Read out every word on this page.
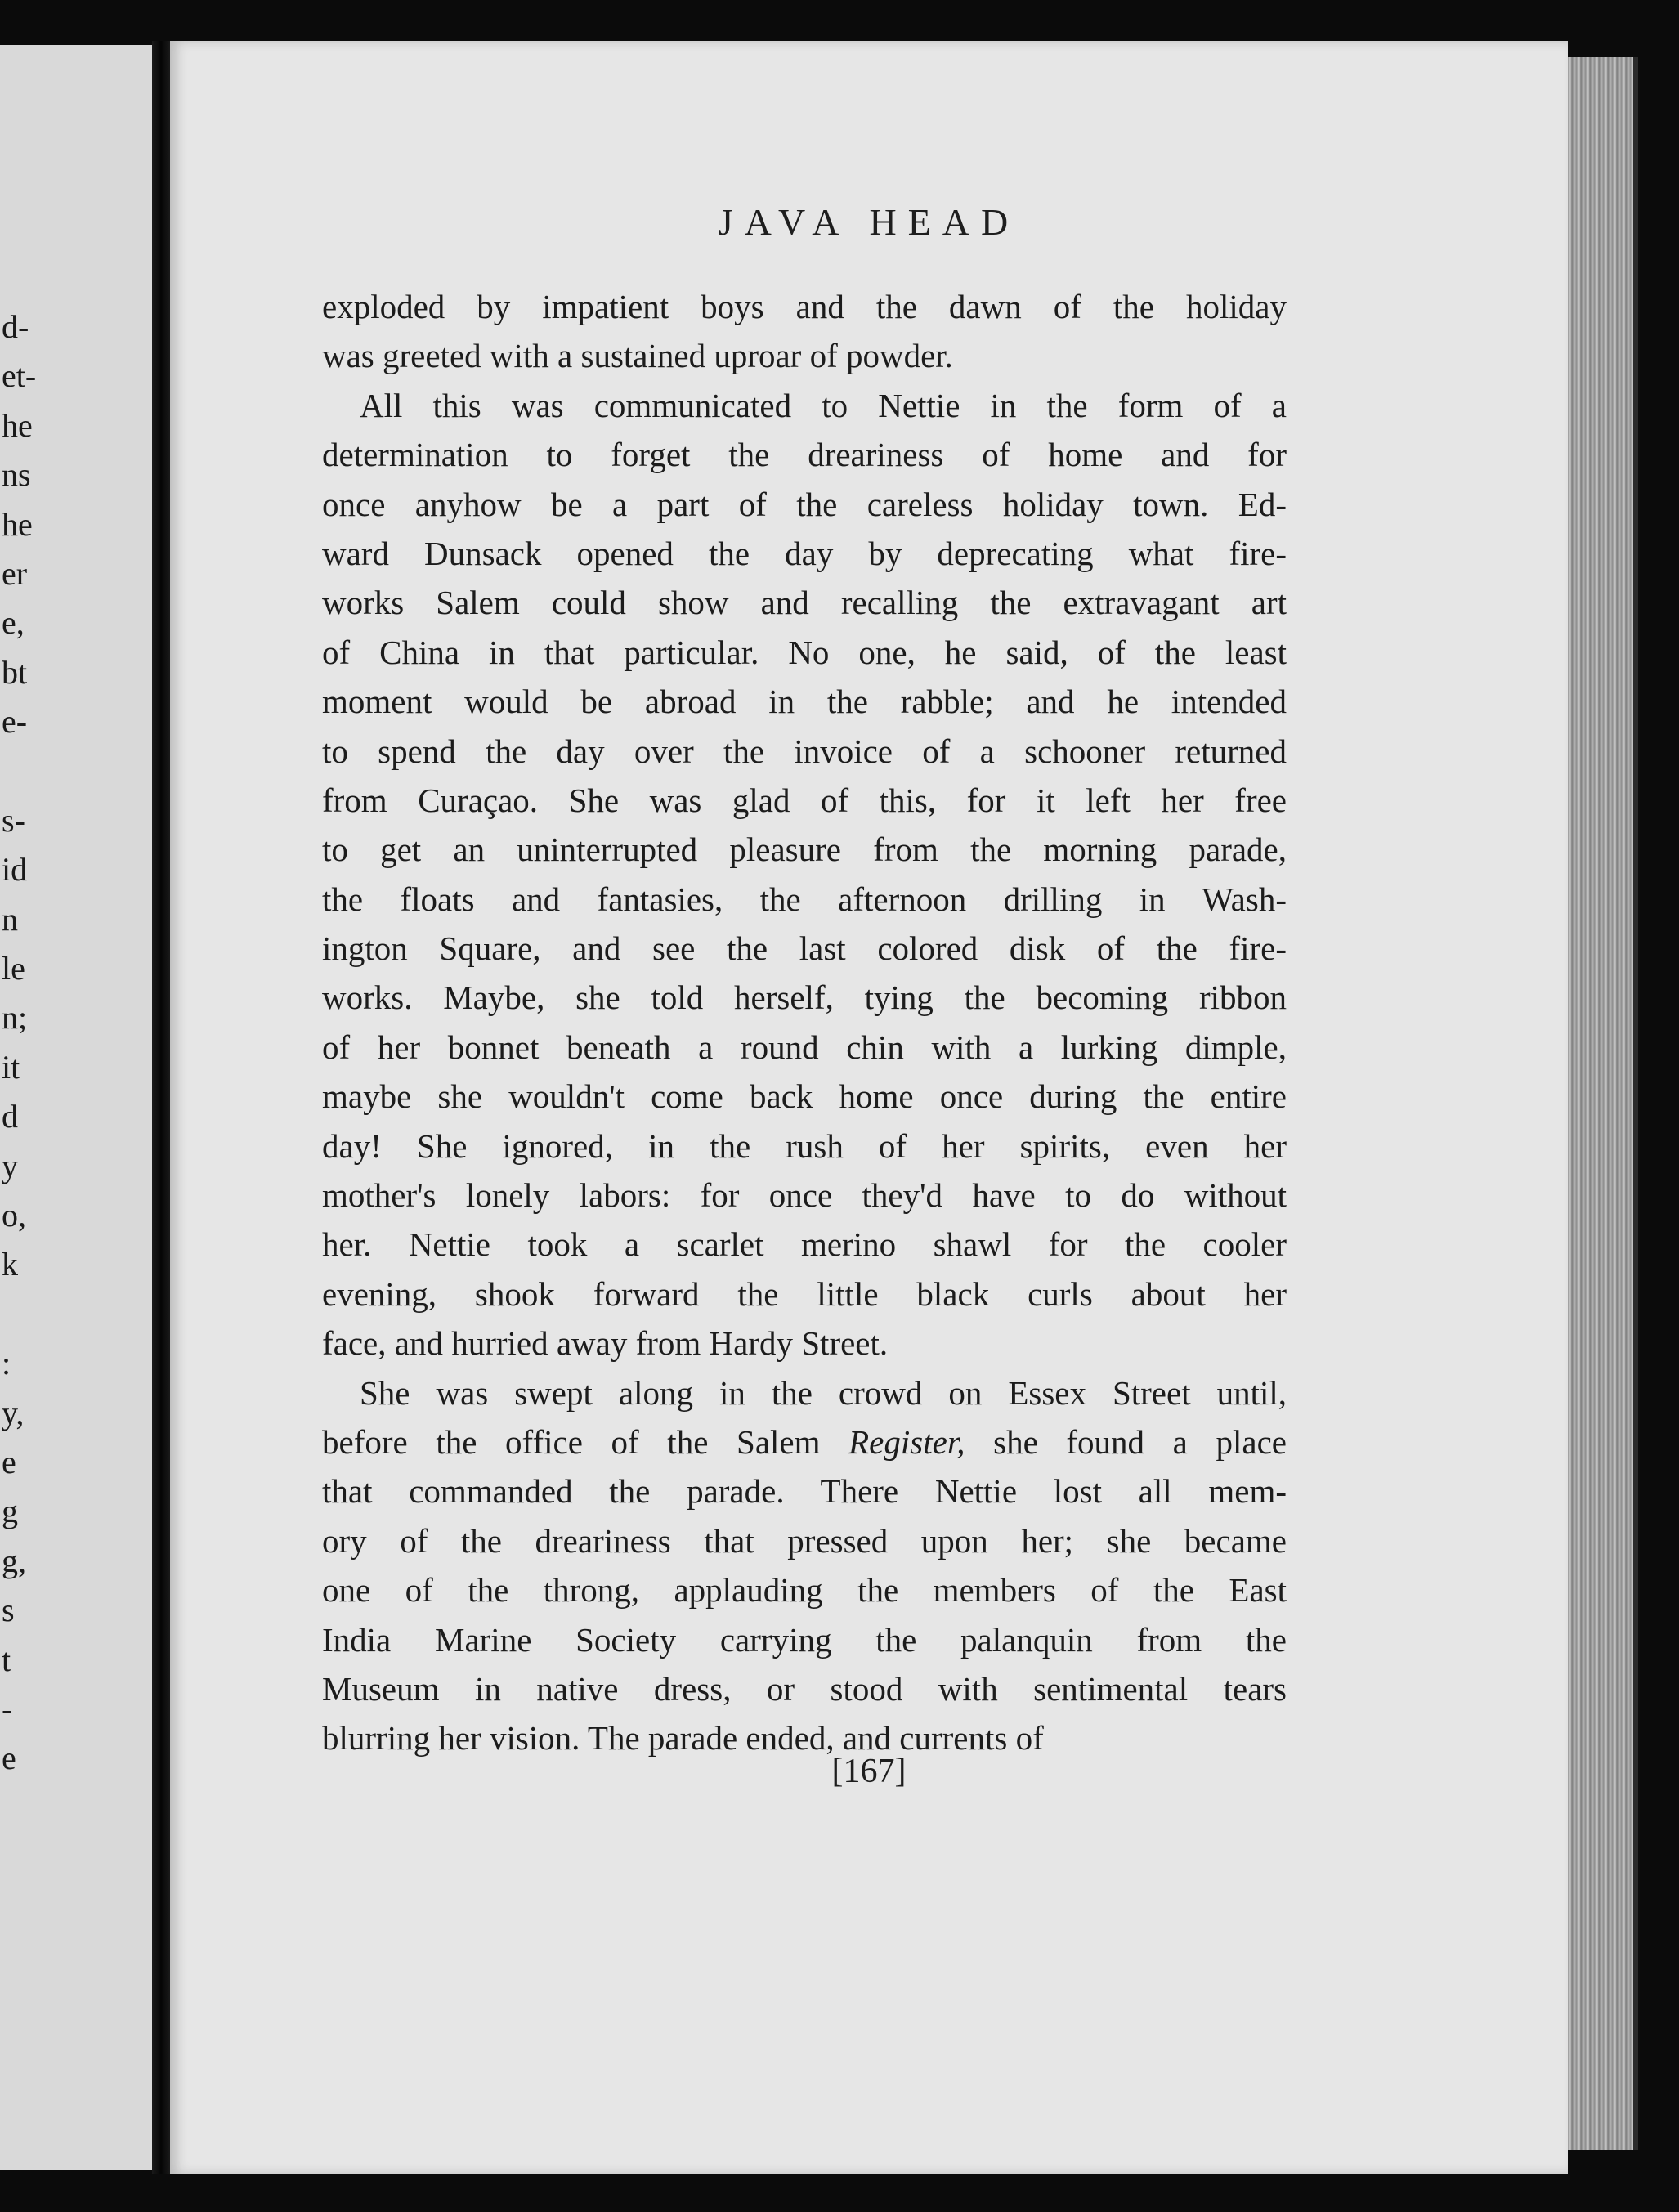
d-
et-
he
ns
he
er
e,
bt
e-
s-
id
n
le
n;
it
d
y
o,
k
:
y,
e
g
g,
s
t
-
e
JAVA HEAD
exploded by impatient boys and the dawn of the holiday
was greeted with a sustained uproar of powder.
All this was communicated to Nettie in the form of a
determination to forget the dreariness of home and for
once anyhow be a part of the careless holiday town. Ed-
ward Dunsack opened the day by deprecating what fire-
works Salem could show and recalling the extravagant art
of China in that particular. No one, he said, of the least
moment would be abroad in the rabble; and he intended
to spend the day over the invoice of a schooner returned
from Curaçao. She was glad of this, for it left her free
to get an uninterrupted pleasure from the morning parade,
the floats and fantasies, the afternoon drilling in Wash-
ington Square, and see the last colored disk of the fire-
works. Maybe, she told herself, tying the becoming ribbon
of her bonnet beneath a round chin with a lurking dimple,
maybe she wouldn't come back home once during the entire
day! She ignored, in the rush of her spirits, even her
mother's lonely labors: for once they'd have to do without
her. Nettie took a scarlet merino shawl for the cooler
evening, shook forward the little black curls about her
face, and hurried away from Hardy Street.
She was swept along in the crowd on Essex Street until,
before the office of the Salem Register, she found a place
that commanded the parade. There Nettie lost all mem-
ory of the dreariness that pressed upon her; she became
one of the throng, applauding the members of the East
India Marine Society carrying the palanquin from the
Museum in native dress, or stood with sentimental tears
blurring her vision. The parade ended, and currents of

[167]
